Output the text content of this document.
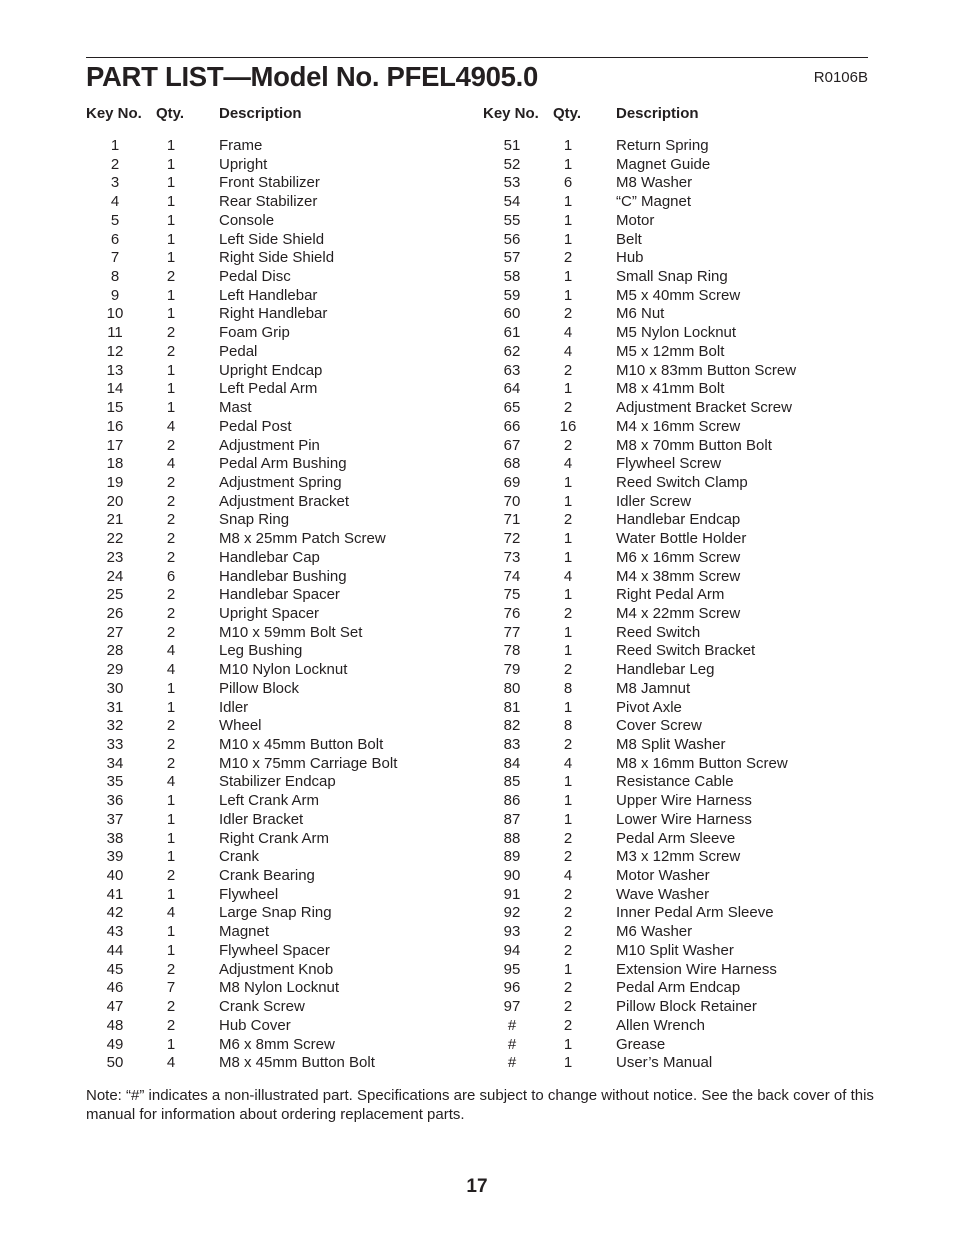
PART LIST—Model No. PFEL4905.0	R0106B
Key No. Qty. Description
1	1	Frame
2	1	Upright
3	1	Front Stabilizer
4	1	Rear Stabilizer
5	1	Console
6	1	Left Side Shield
7	1	Right Side Shield
8	2	Pedal Disc
9	1	Left Handlebar
10	1	Right Handlebar
11	2	Foam Grip
12	2	Pedal
13	1	Upright Endcap
14	1	Left Pedal Arm
15	1	Mast
16	4	Pedal Post
17	2	Adjustment Pin
18	4	Pedal Arm Bushing
19	2	Adjustment Spring
20	2	Adjustment Bracket
21	2	Snap Ring
22	2	M8 x 25mm Patch Screw
23	2	Handlebar Cap
24	6	Handlebar Bushing
25	2	Handlebar Spacer
26	2	Upright Spacer
27	2	M10 x 59mm Bolt Set
28	4	Leg Bushing
29	4	M10 Nylon Locknut
30	1	Pillow Block
31	1	Idler
32	2	Wheel
33	2	M10 x 45mm Button Bolt
34	2	M10 x 75mm Carriage Bolt
35	4	Stabilizer Endcap
36	1	Left Crank Arm
37	1	Idler Bracket
38	1	Right Crank Arm
39	1	Crank
40	2	Crank Bearing
41	1	Flywheel
42	4	Large Snap Ring
43	1	Magnet
44	1	Flywheel Spacer
45	2	Adjustment Knob
46	7	M8 Nylon Locknut
47	2	Crank Screw
48	2	Hub Cover
49	1	M6 x 8mm Screw
50	4	M8 x 45mm Button Bolt
Key No. Qty. Description
51	1	Return Spring
52	1	Magnet Guide
53	6	M8 Washer
54	1	“C” Magnet
55	1	Motor
56	1	Belt
57	2	Hub
58	1	Small Snap Ring
59	1	M5 x 40mm Screw
60	2	M6 Nut
61	4	M5 Nylon Locknut
62	4	M5 x 12mm Bolt
63	2	M10 x 83mm Button Screw
64	1	M8 x 41mm Bolt
65	2	Adjustment Bracket Screw
66	16	M4 x 16mm Screw
67	2	M8 x 70mm Button Bolt
68	4	Flywheel Screw
69	1	Reed Switch Clamp
70	1	Idler Screw
71	2	Handlebar Endcap
72	1	Water Bottle Holder
73	1	M6 x 16mm Screw
74	4	M4 x 38mm Screw
75	1	Right Pedal Arm
76	2	M4 x 22mm Screw
77	1	Reed Switch
78	1	Reed Switch Bracket
79	2	Handlebar Leg
80	8	M8 Jamnut
81	1	Pivot Axle
82	8	Cover Screw
83	2	M8 Split Washer
84	4	M8 x 16mm Button Screw
85	1	Resistance Cable
86	1	Upper Wire Harness
87	1	Lower Wire Harness
88	2	Pedal Arm Sleeve
89	2	M3 x 12mm Screw
90	4	Motor Washer
91	2	Wave Washer
92	2	Inner Pedal Arm Sleeve
93	2	M6 Washer
94	2	M10 Split Washer
95	1	Extension Wire Harness
96	2	Pedal Arm Endcap
97	2	Pillow Block Retainer
#	2	Allen Wrench
#	1	Grease
#	1	User’s Manual
Note: “#” indicates a non-illustrated part. Specifications are subject to change without notice. See the back cover of this manual for information about ordering replacement parts.
17
